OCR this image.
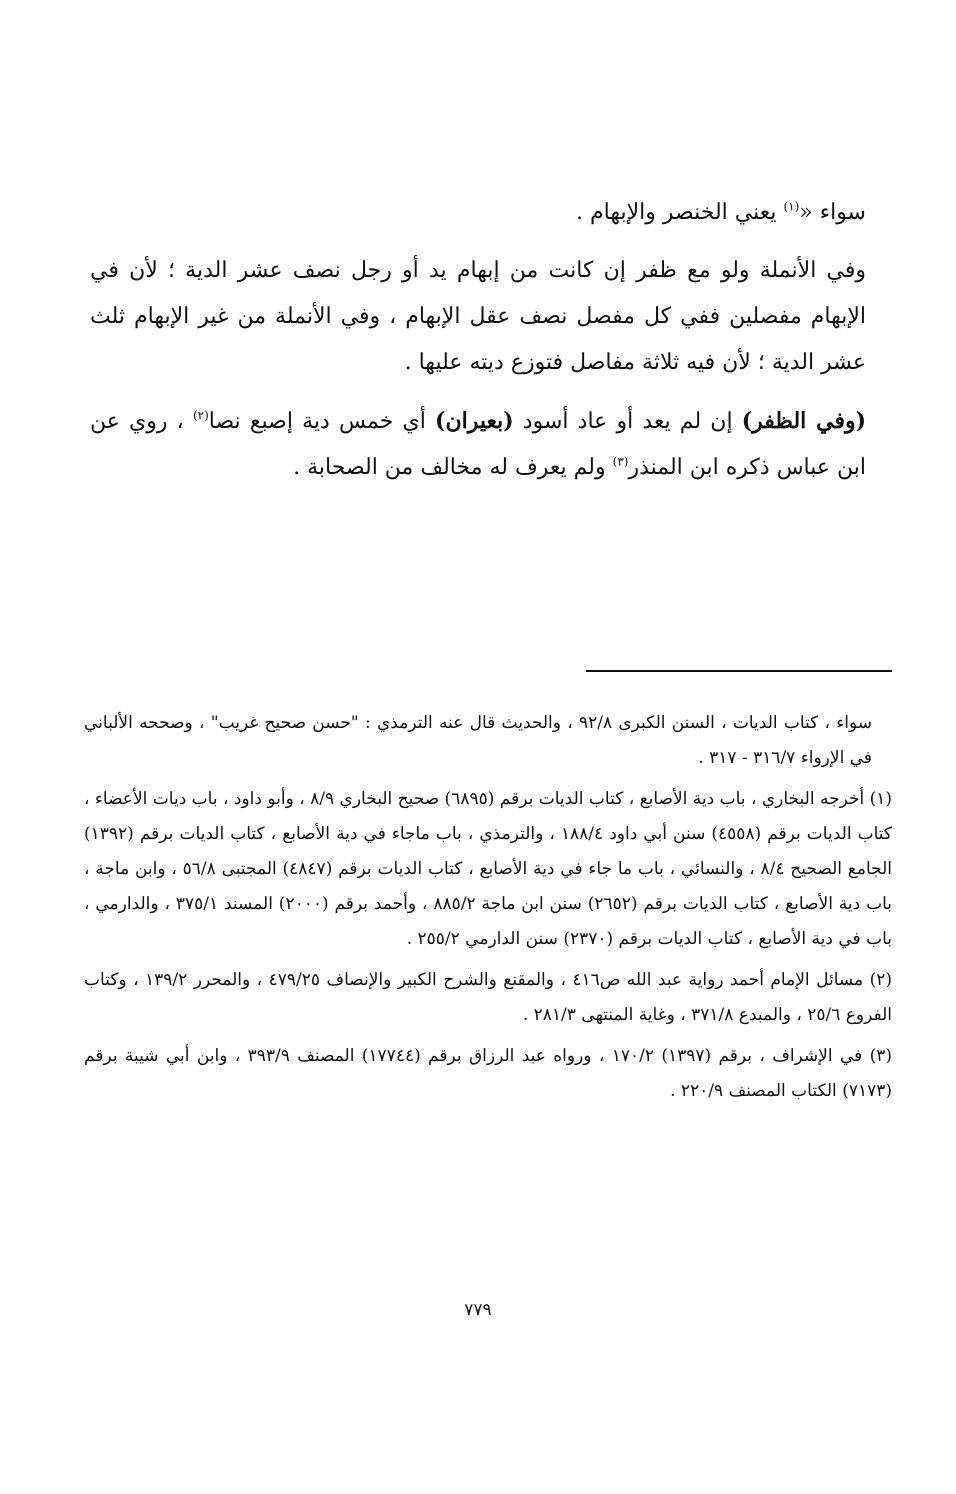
سواء «$^{(١)}$ يعني الخنصر والإبهام .

وفي الأنملة ولو مع ظفر إن كانت من إبهام يد أو رجل نصف عشر الدية ؛ لأن في الإبهام مفصلين ففي كل مفصل نصف عقل الإبهام ، وفي الأنملة من غير الإبهام ثلث عشر الدية ؛ لأن فيه ثلاثة مفاصل فتوزع ديته عليها .

(وفي الظفر) إن لم يعد أو عاد أسود (بعيران) أي خمس دية إصبع نصا$^{(٢)}$ ، روي عن ابن عباس ذكره ابن المنذر$^{(٣)}$ ولم يعرف له مخالف من الصحابة .

سواء ، كتاب الديات ، السنن الكبرى ٩٢/٨ ، والحديث قال عنه الترمذي : "حسن صحيح غريب" ، وصححه الألباني في الإرواء ٣١٦/٧ - ٣١٧ .

(١) أخرجه البخاري ، باب دية الأصابع ، كتاب الديات برقم (٦٨٩٥) صحيح البخاري ٨/٩ ، وأبو داود ، باب ديات الأعضاء ، كتاب الديات برقم (٤٥٥٨) سنن أبي داود ١٨٨/٤ ، والترمذي ، باب ماجاء في دية الأصابع ، كتاب الديات برقم (١٣٩٢) الجامع الصحيح ٨/٤ ، والنسائي ، باب ما جاء في دية الأصابع ، كتاب الديات برقم (٤٨٤٧) المجتبى ٥٦/٨ ، وابن ماجة ، باب دية الأصابع ، كتاب الديات برقم (٢٦٥٢) سنن ابن ماجة ٨٨٥/٢ ، وأحمد برقم (٢٠٠٠) المسند ٣٧٥/١ ، والدارمي ، باب في دية الأصابع ، كتاب الديات برقم (٢٣٧٠) سنن الدارمي ٢٥٥/٢ .

(٢) مسائل الإمام أحمد رواية عبد الله ص٤١٦ ، والمقنع والشرح الكبير والإنصاف ٤٧٩/٢٥ ، والمحرر ١٣٩/٢ ، وكتاب الفروع ٢٥/٦ ، والمبدع ٣٧١/٨ ، وغاية المنتهى ٢٨١/٣ .

(٣) في الإشراف ، برقم (١٣٩٧) ١٧٠/٢ ، ورواه عبد الرزاق برقم (١٧٧٤٤) المصنف ٣٩٣/٩ ، وابن أبي شيبة برقم (٧١٧٣) الكتاب المصنف ٢٢٠/٩ .

٧٧٩
